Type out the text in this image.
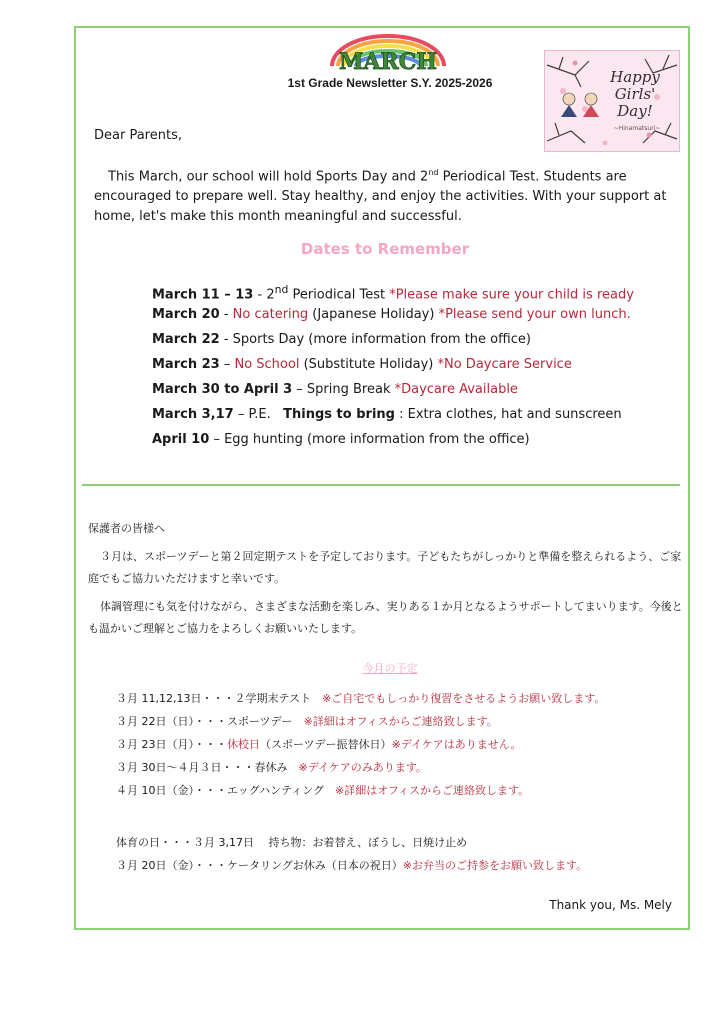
MARCH
1st Grade Newsletter S.Y. 2025-2026	Happy
Girls'
Day!
~Hinamatsuri~
Dear Parents,

This March, our school will hold Sports Day and 2nd Periodical Test. Students are encouraged to prepare well. Stay healthy, and enjoy the activities. With your support at home, let's make this month meaningful and successful.

Dates to Remember
March 11 – 13 - 2nd Periodical Test *Please make sure your child is ready
March 20 - No catering (Japanese Holiday) *Please send your own lunch.
March 22 - Sports Day (more information from the office)
March 23 – No School (Substitute Holiday) *No Daycare Service
March 30 to April 3 – Spring Break *Daycare Available
March 3,17 – P.E. Things to bring : Extra clothes, hat and sunscreen
April 10 – Egg hunting (more information from the office)
保護者の皆様へ

３月は、スポーツデーと第２回定期テストを予定しております。子どもたちがしっかりと準備を整えられるよう、ご家庭でもご協力いただけますと幸いです。

体調管理にも気を付けながら、さまざまな活動を楽しみ、実りある１か月となるようサポートしてまいります。今後とも温かいご理解とご協力をよろしくお願いいたします。

今月の予定
３月 11,12,13日・・・２学期末テスト　※ご自宅でもしっかり復習をさせるようお願い致します。
３月 22日（日）・・・スポーツデー　※詳細はオフィスからご連絡致します。
３月 23日（月）・・・休校日（スポーツデー振替休日）※デイケアはありません。
３月 30日～４月３日・・・春休み　※デイケアのみあります。
４月 10日（金）・・・エッグハンティング　※詳細はオフィスからご連絡致します。
体育の日・・・３月 3,17日　 持ち物：お着替え、ぼうし、日焼け止め
３月 20日（金）・・・ケータリングお休み（日本の祝日）※お弁当のご持参をお願い致します。
Thank you, Ms. Mely
